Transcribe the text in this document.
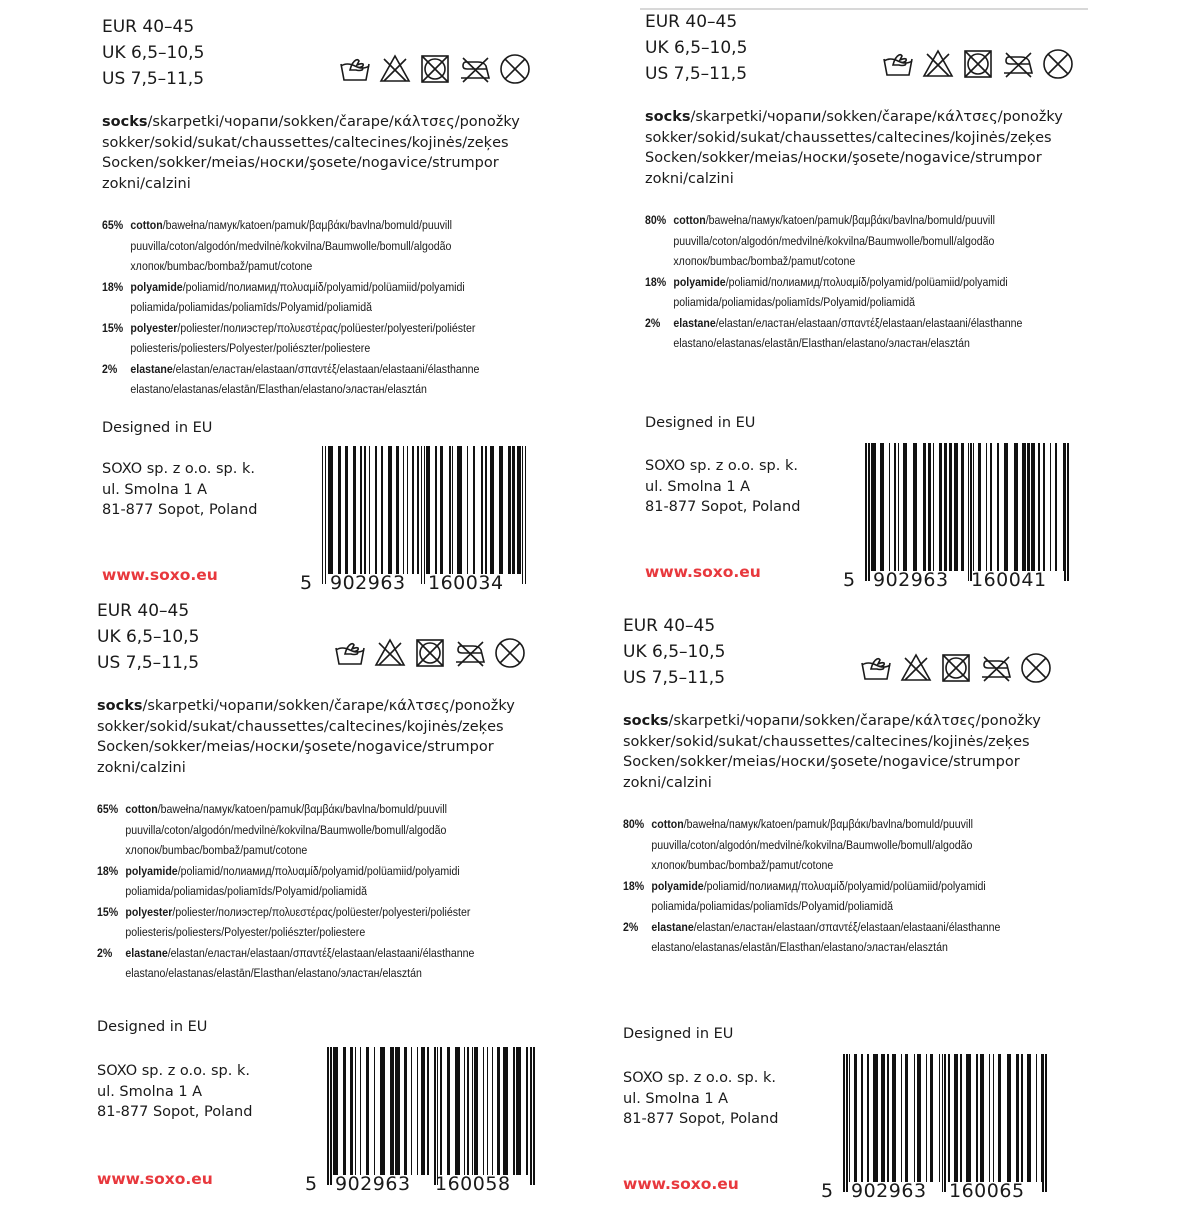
EUR 40–45
UK 6,5–10,5
US 7,5–11,5
socks/skarpetki/чорапи/sokken/čarape/κάλτσες/ponožky
sokker/sokid/sukat/chaussettes/caltecines/kojinės/zeķes
Socken/sokker/meias/носки/şosete/nogavice/strumpor
zokni/calzini
65% cotton/bawełna/памук/katoen/pamuk/βαμβάκι/bavlna/bomuld/puuvill
puuvilla/coton/algodón/medvilnė/kokvilna/Baumwolle/bomull/algodão
хлопок/bumbac/bombaž/pamut/cotone
18% polyamide/poliamid/полиамид/πολυαμίδ/polyamid/polüamiid/polyamidi
poliamida/poliamidas/poliamīds/Polyamid/poliamidă
15% polyester/poliester/полиэстер/πολυεστέρας/polüester/polyesteri/poliéster
poliesteris/poliesters/Polyester/poliészter/poliestere
2%	elastane/elastan/еластан/elastaan/σπαντέξ/elastaan/elastaani/élasthanne
elastano/elastanas/elastān/Elasthan/elastano/эластан/elasztán
Designed in EU
SOXO sp. z o.o. sp. k.
ul. Smolna 1 A
81-877 Sopot, Poland
www.soxo.eu	5 902963 160034
EUR 40–45
UK 6,5–10,5
US 7,5–11,5
socks/skarpetki/чорапи/sokken/čarape/κάλτσες/ponožky
sokker/sokid/sukat/chaussettes/caltecines/kojinės/zeķes
Socken/sokker/meias/носки/şosete/nogavice/strumpor
zokni/calzini
80% cotton/bawełna/памук/katoen/pamuk/βαμβάκι/bavlna/bomuld/puuvill
puuvilla/coton/algodón/medvilnė/kokvilna/Baumwolle/bomull/algodão
хлопок/bumbac/bombaž/pamut/cotone
18% polyamide/poliamid/полиамид/πολυαμίδ/polyamid/polüamiid/polyamidi
poliamida/poliamidas/poliamīds/Polyamid/poliamidă
2%	elastane/elastan/еластан/elastaan/σπαντέξ/elastaan/elastaani/élasthanne
elastano/elastanas/elastān/Elasthan/elastano/эластан/elasztán
Designed in EU
SOXO sp. z o.o. sp. k.
ul. Smolna 1 A
81-877 Sopot, Poland
www.soxo.eu	5 902963 160041
EUR 40–45
UK 6,5–10,5
US 7,5–11,5
socks/skarpetki/чорапи/sokken/čarape/κάλτσες/ponožky
sokker/sokid/sukat/chaussettes/caltecines/kojinės/zeķes
Socken/sokker/meias/носки/şosete/nogavice/strumpor
zokni/calzini
65% cotton/bawełna/памук/katoen/pamuk/βαμβάκι/bavlna/bomuld/puuvill
puuvilla/coton/algodón/medvilnė/kokvilna/Baumwolle/bomull/algodão
хлопок/bumbac/bombaž/pamut/cotone
18% polyamide/poliamid/полиамид/πολυαμίδ/polyamid/polüamiid/polyamidi
poliamida/poliamidas/poliamīds/Polyamid/poliamidă
15% polyester/poliester/полиэстер/πολυεστέρας/polüester/polyesteri/poliéster
poliesteris/poliesters/Polyester/poliészter/poliestere
2%	elastane/elastan/еластан/elastaan/σπαντέξ/elastaan/elastaani/élasthanne
elastano/elastanas/elastān/Elasthan/elastano/эластан/elasztán
Designed in EU
SOXO sp. z o.o. sp. k.
ul. Smolna 1 A
81-877 Sopot, Poland
www.soxo.eu	5 902963 160058
EUR 40–45
UK 6,5–10,5
US 7,5–11,5
socks/skarpetki/чорапи/sokken/čarape/κάλτσες/ponožky
sokker/sokid/sukat/chaussettes/caltecines/kojinės/zeķes
Socken/sokker/meias/носки/şosete/nogavice/strumpor
zokni/calzini
80% cotton/bawełna/памук/katoen/pamuk/βαμβάκι/bavlna/bomuld/puuvill
puuvilla/coton/algodón/medvilnė/kokvilna/Baumwolle/bomull/algodão
хлопок/bumbac/bombaž/pamut/cotone
18% polyamide/poliamid/полиамид/πολυαμίδ/polyamid/polüamiid/polyamidi
poliamida/poliamidas/poliamīds/Polyamid/poliamidă
2%	elastane/elastan/еластан/elastaan/σπαντέξ/elastaan/elastaani/élasthanne
elastano/elastanas/elastān/Elasthan/elastano/эластан/elasztán
Designed in EU
SOXO sp. z o.o. sp. k.
ul. Smolna 1 A
81-877 Sopot, Poland
www.soxo.eu	5 902963 160065
